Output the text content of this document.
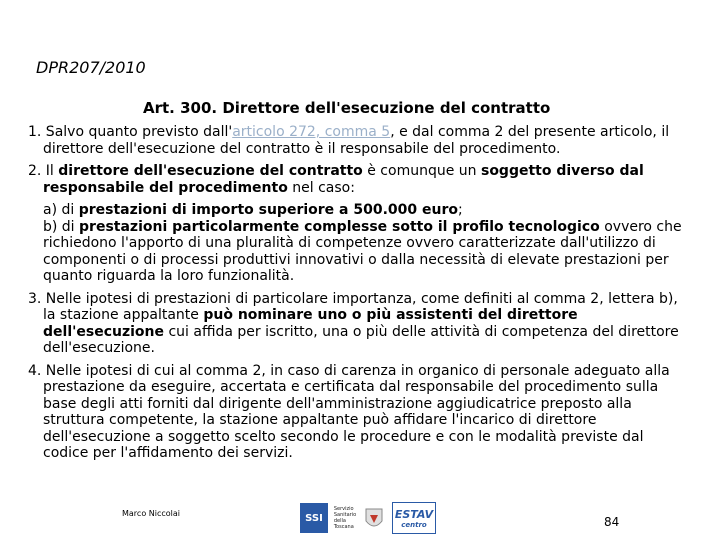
DPR207/2010
Art. 300. Direttore dell'esecuzione del contratto

1. Salvo quanto previsto dall'articolo 272, comma 5, e dal comma 2 del presente articolo, il direttore dell'esecuzione del contratto è il responsabile del procedimento.

2. Il direttore dell'esecuzione del contratto è comunque un soggetto diverso dal responsabile del procedimento nel caso:

a) di prestazioni di importo superiore a 500.000 euro;
b) di prestazioni particolarmente complesse sotto il profilo tecnologico ovvero che richiedono l'apporto di una pluralità di competenze ovvero caratterizzate dall'utilizzo di componenti o di processi produttivi innovativi o dalla necessità di elevate prestazioni per quanto riguarda la loro funzionalità.

3. Nelle ipotesi di prestazioni di particolare importanza, come definiti al comma 2, lettera b), la stazione appaltante può nominare uno o più assistenti del direttore dell'esecuzione cui affida per iscritto, una o più delle attività di competenza del direttore dell'esecuzione.

4. Nelle ipotesi di cui al comma 2, in caso di carenza in organico di personale adeguato alla prestazione da eseguire, accertata e certificata dal responsabile del procedimento sulla base degli atti forniti dal dirigente dell'amministrazione aggiudicatrice preposto alla struttura competente, la stazione appaltante può affidare l'incarico di direttore dell'esecuzione a soggetto scelto secondo le procedure e con le modalità previste dal codice per l'affidamento dei servizi.

Marco Niccolai	SSI
Servizio Sanitario della Toscana
ESTAV
centro	84
